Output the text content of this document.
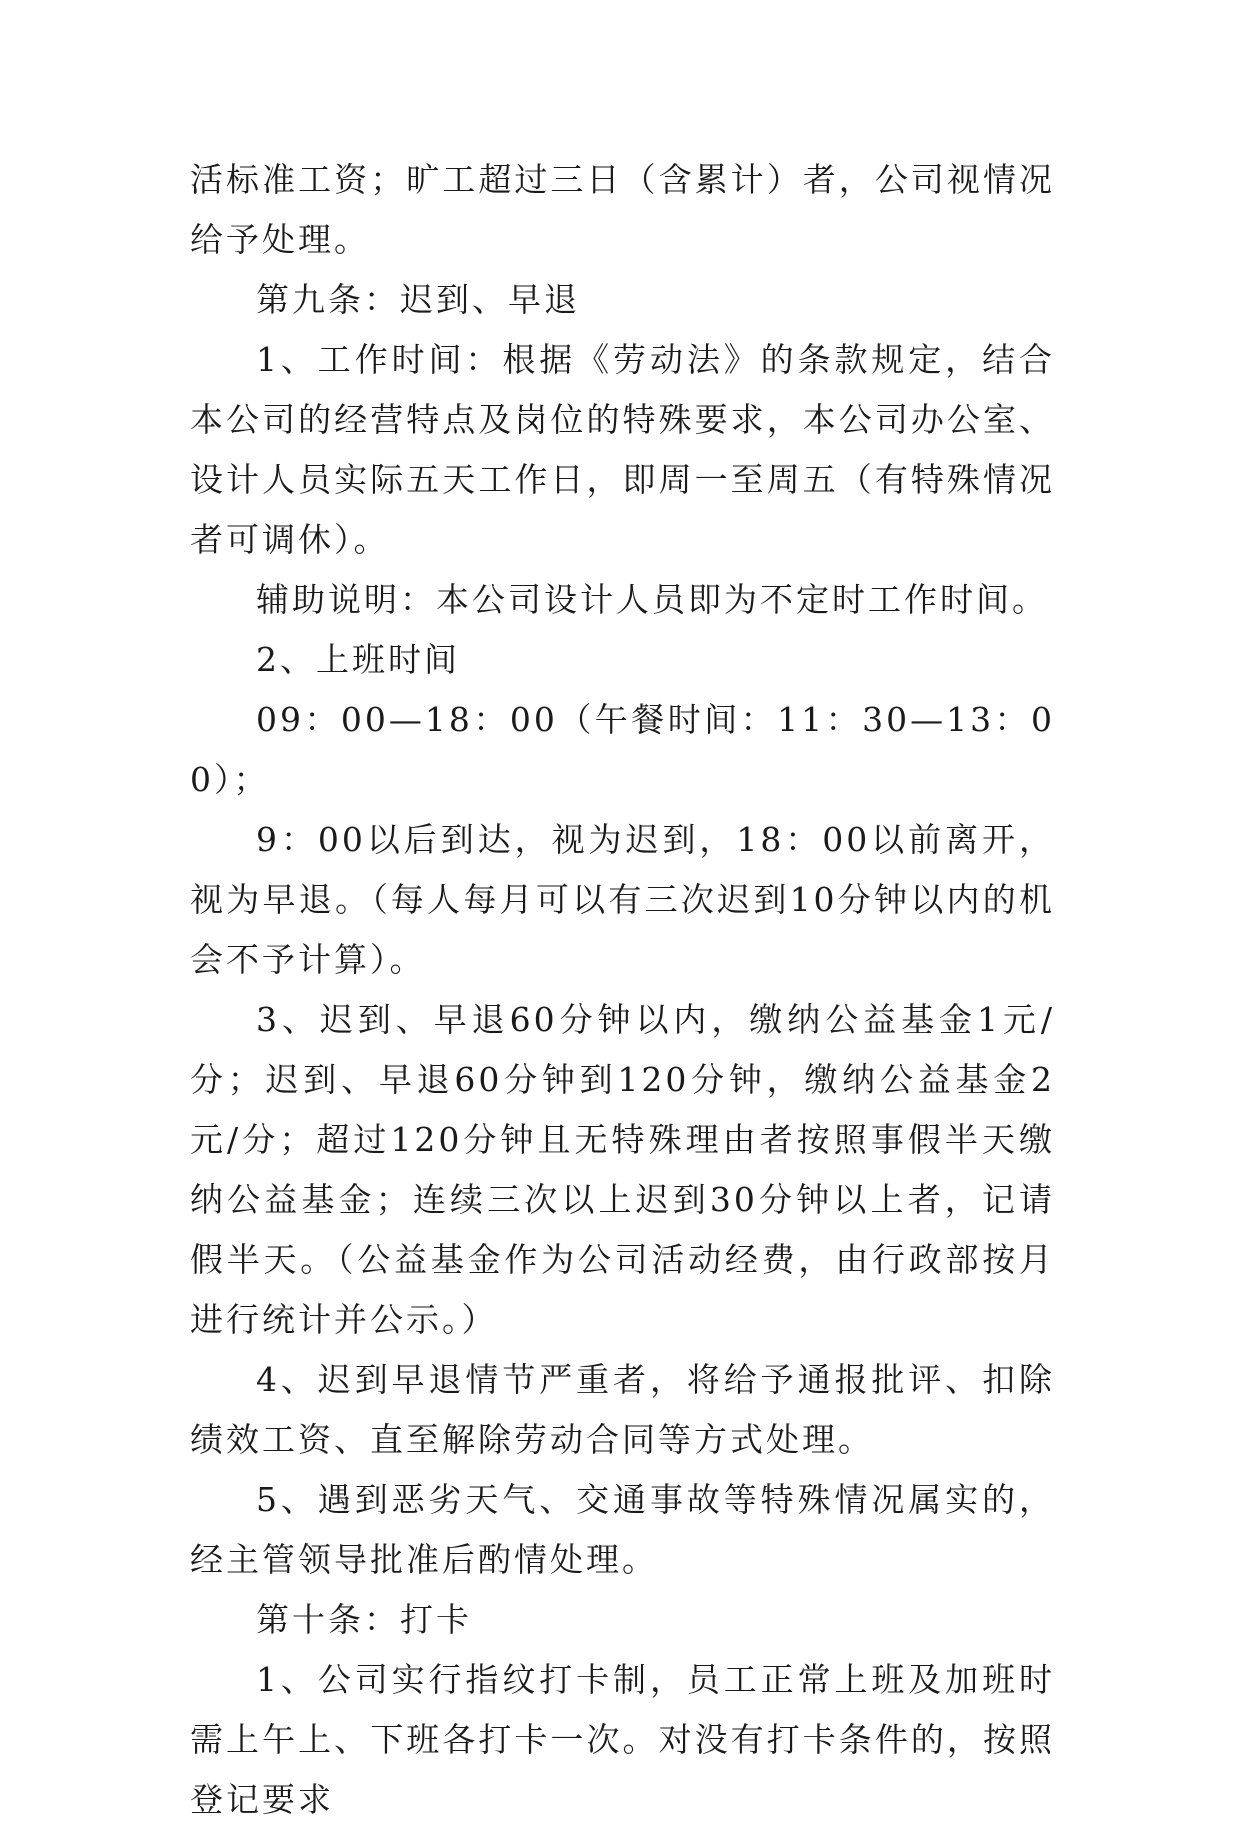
活标准工资；旷工超过三日（含累计）者，公司视情况给予处理。

第九条：迟到、早退

1、工作时间：根据《劳动法》的条款规定，结合本公司的经营特点及岗位的特殊要求，本公司办公室、设计人员实际五天工作日，即周一至周五（有特殊情况者可调休）。

辅助说明：本公司设计人员即为不定时工作时间。

2、上班时间

09：00—18：00（午餐时间：11：30—13：00）；

9：00以后到达，视为迟到，18：00以前离开，视为早退。（每人每月可以有三次迟到10分钟以内的机会不予计算）。

3、迟到、早退60分钟以内，缴纳公益基金1元/分；迟到、早退60分钟到120分钟，缴纳公益基金2元/分；超过120分钟且无特殊理由者按照事假半天缴纳公益基金；连续三次以上迟到30分钟以上者，记请假半天。（公益基金作为公司活动经费，由行政部按月进行统计并公示。）

4、迟到早退情节严重者，将给予通报批评、扣除绩效工资、直至解除劳动合同等方式处理。

5、遇到恶劣天气、交通事故等特殊情况属实的，经主管领导批准后酌情处理。

第十条：打卡

1、公司实行指纹打卡制，员工正常上班及加班时需上午上、下班各打卡一次。对没有打卡条件的，按照登记要求
